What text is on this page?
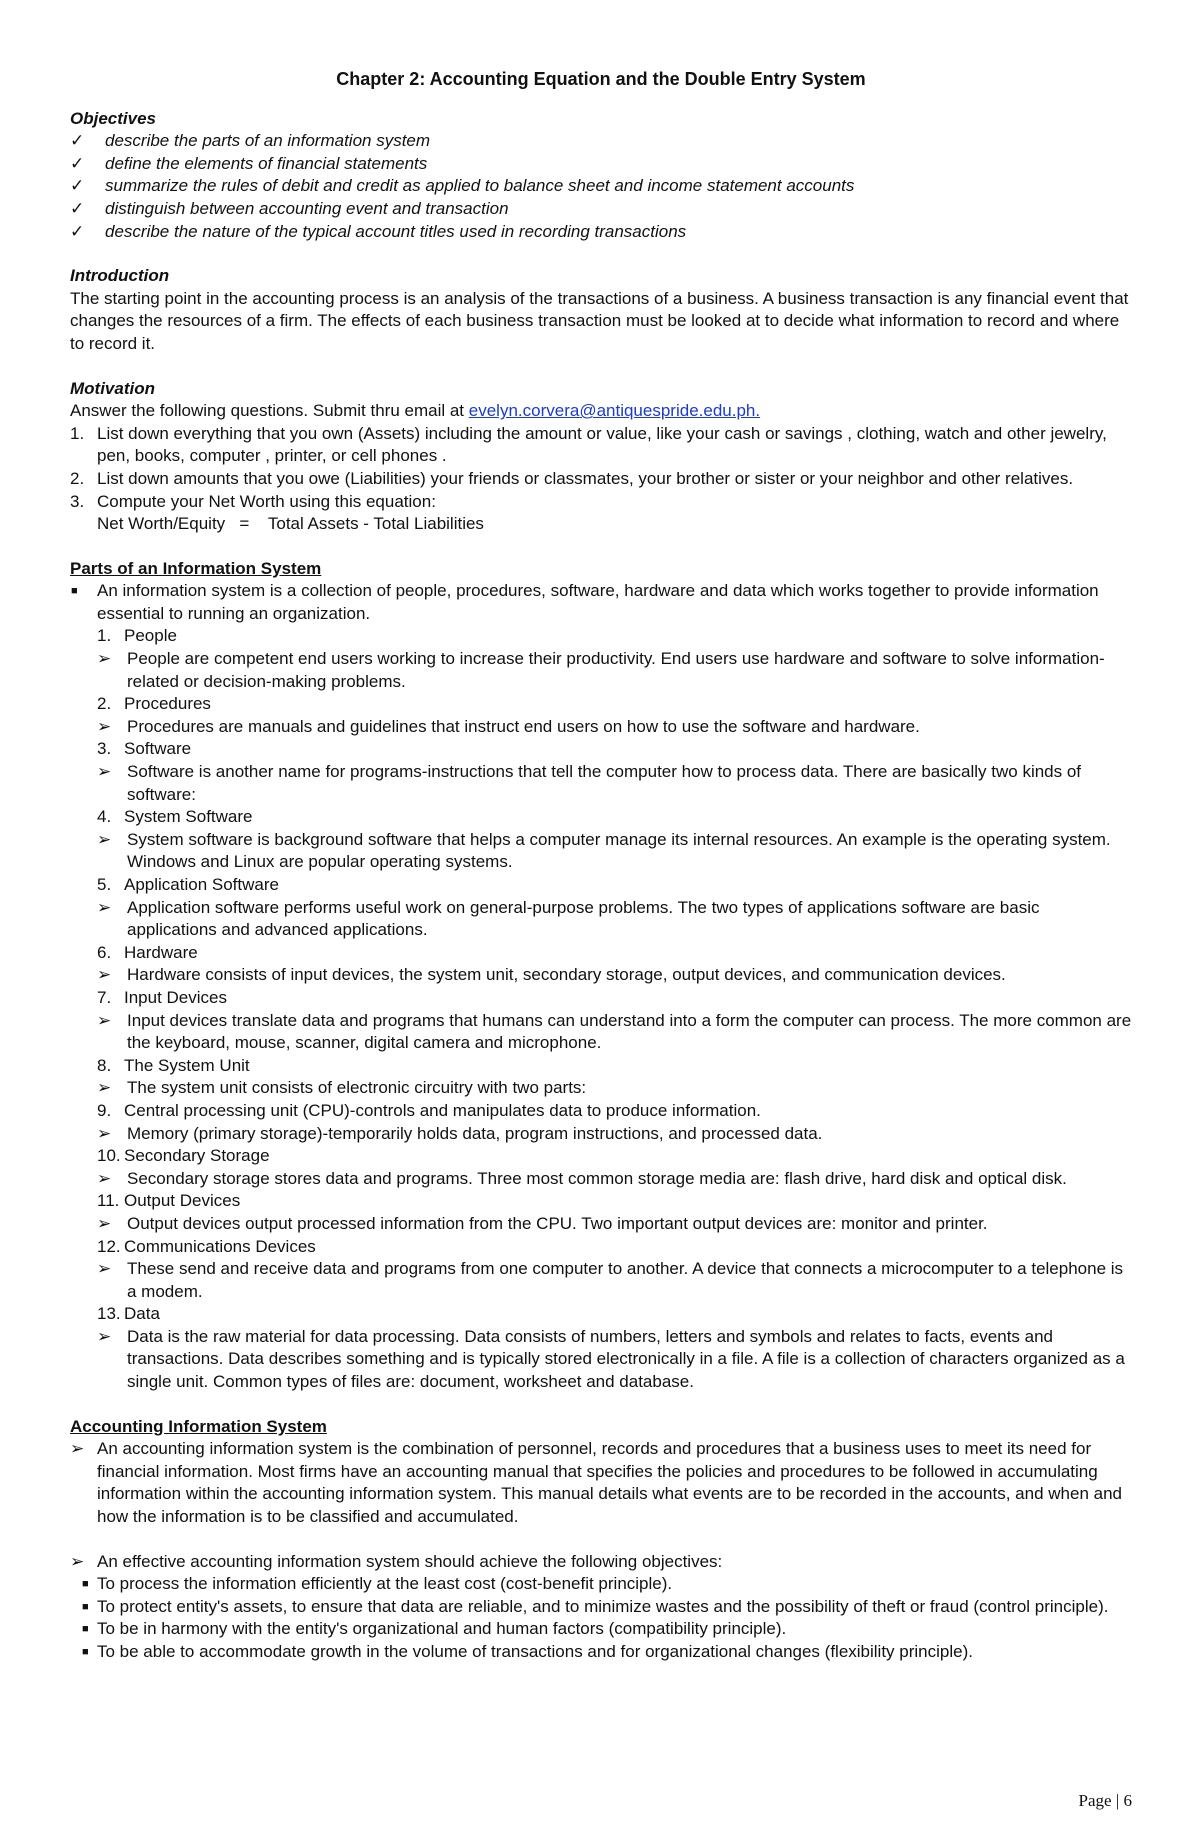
Chapter 2: Accounting Equation and the Double Entry System

Objectives

✓ describe the parts of an information system

✓ define the elements of financial statements

✓ summarize the rules of debit and credit as applied to balance sheet and income statement accounts

✓ distinguish between accounting event and transaction

✓ describe the nature of the typical account titles used in recording transactions

Introduction

The starting point in the accounting process is an analysis of the transactions of a business. A business transaction is any financial event that changes the resources of a firm. The effects of each business transaction must be looked at to decide what information to record and where to record it.

Motivation

Answer the following questions. Submit thru email at evelyn.corvera@antiquespride.edu.ph.

1. List down everything that you own (Assets) including the amount or value, like your cash or savings , clothing, watch and other jewelry, pen, books, computer , printer, or cell phones .

2. List down amounts that you owe (Liabilities) your friends or classmates, your brother or sister or your neighbor and other relatives.

3. Compute your Net Worth using this equation:

Net Worth/Equity   =    Total Assets - Total Liabilities

Parts of an Information System

■ An information system is a collection of people, procedures, software, hardware and data which works together to provide information essential to running an organization.

1. People

➢ People are competent end users working to increase their productivity. End users use hardware and software to solve information-related or decision-making problems.

2. Procedures

➢ Procedures are manuals and guidelines that instruct end users on how to use the software and hardware.

3. Software

➢ Software is another name for programs-instructions that tell the computer how to process data. There are basically two kinds of software:

4. System Software

➢ System software is background software that helps a computer manage its internal resources. An example is the operating system. Windows and Linux are popular operating systems.

5. Application Software

➢ Application software performs useful work on general-purpose problems. The two types of applications software are basic applications and advanced applications.

6. Hardware

➢ Hardware consists of input devices, the system unit, secondary storage, output devices, and communication devices.

7. Input Devices

➢ Input devices translate data and programs that humans can understand into a form the computer can process. The more common are the keyboard, mouse, scanner, digital camera and microphone.

8. The System Unit

➢ The system unit consists of electronic circuitry with two parts:

9. Central processing unit (CPU)-controls and manipulates data to produce information.

➢ Memory (primary storage)-temporarily holds data, program instructions, and processed data.

10. Secondary Storage

➢ Secondary storage stores data and programs. Three most common storage media are: flash drive, hard disk and optical disk.

11. Output Devices

➢ Output devices output processed information from the CPU. Two important output devices are: monitor and printer.

12. Communications Devices

➢ These send and receive data and programs from one computer to another. A device that connects a microcomputer to a telephone is a modem.

13. Data

➢ Data is the raw material for data processing. Data consists of numbers, letters and symbols and relates to facts, events and transactions. Data describes something and is typically stored electronically in a file. A file is a collection of characters organized as a single unit. Common types of files are: document, worksheet and database.

Accounting Information System

➢ An accounting information system is the combination of personnel, records and procedures that a business uses to meet its need for financial information. Most firms have an accounting manual that specifies the policies and procedures to be followed in accumulating information within the accounting information system. This manual details what events are to be recorded in the accounts, and when and how the information is to be classified and accumulated.

➢ An effective accounting information system should achieve the following objectives:

■ To process the information efficiently at the least cost (cost-benefit principle).

■ To protect entity's assets, to ensure that data are reliable, and to minimize wastes and the possibility of theft or fraud (control principle).

■ To be in harmony with the entity's organizational and human factors (compatibility principle).

■ To be able to accommodate growth in the volume of transactions and for organizational changes (flexibility principle).

Page | 6
